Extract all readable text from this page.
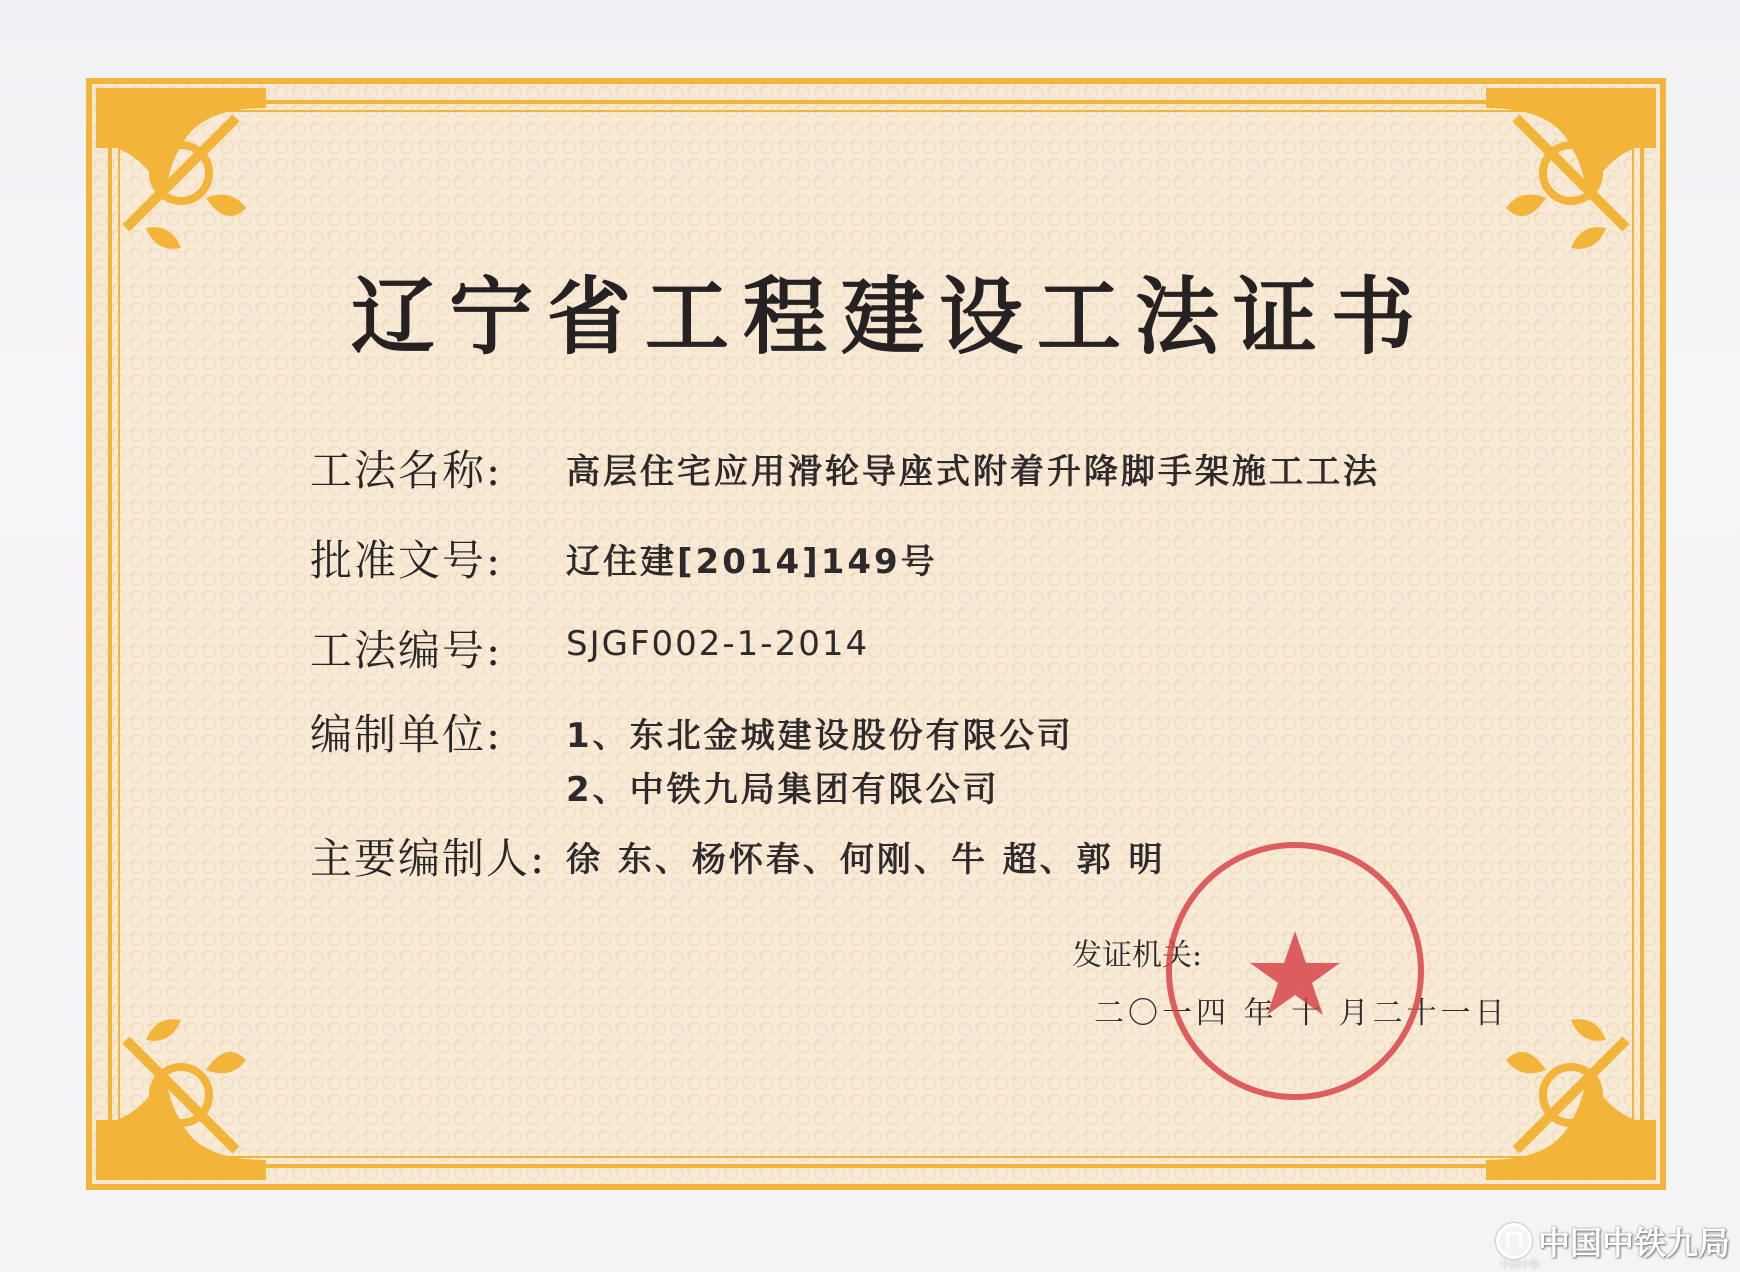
辽宁省工程建设工法证书
工法名称:	高层住宅应用滑轮导座式附着升降脚手架施工工法
批准文号:	辽住建[2014]149号
工法编号:	SJGF002-1-2014
编制单位:	1、东北金城建设股份有限公司
2、中铁九局集团有限公司
主要编制人: 徐 东、杨怀春、何刚、牛 超、郭 明
发证机关:
二〇一四 年 十 月二十一日
中国中铁九局
中国中铁
